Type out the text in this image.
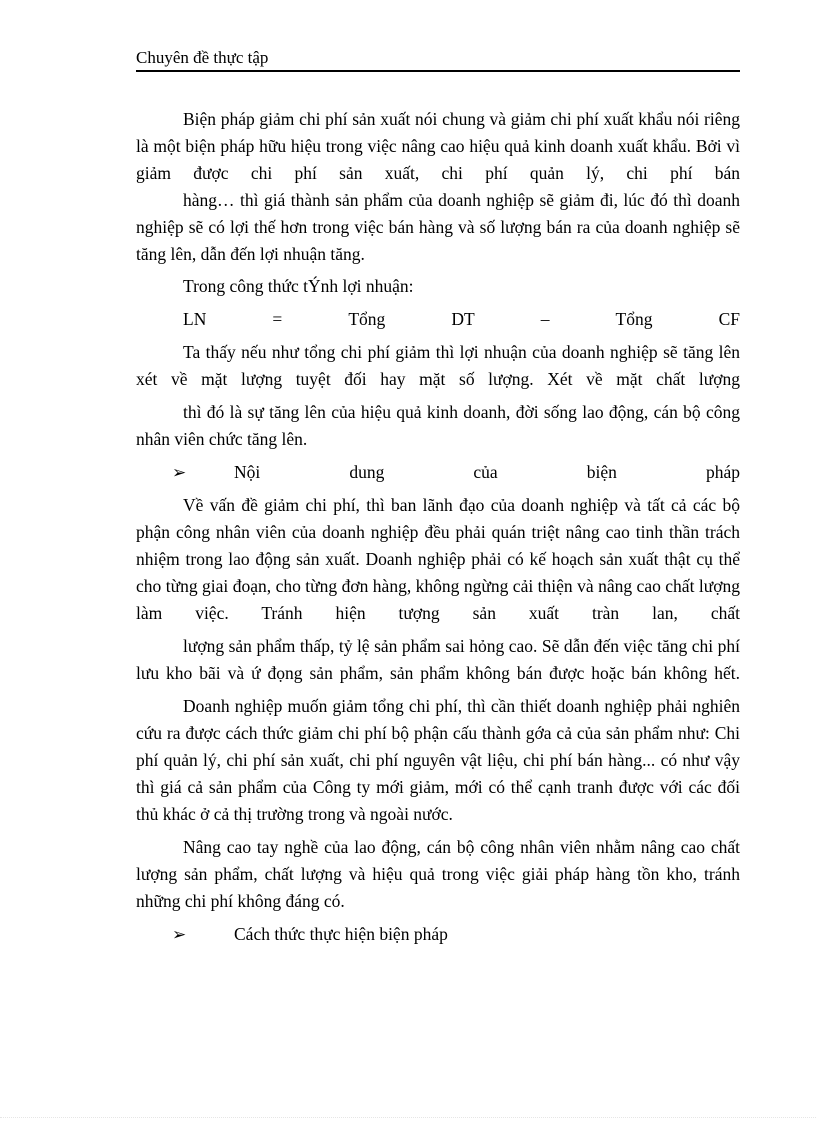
Chuyên đề thực tập

Biện pháp giảm chi phí sản xuất nói chung và giảm chi phí xuất khẩu nói riêng là một biện pháp hữu hiệu trong việc nâng cao hiệu quả kinh doanh xuất khẩu. Bởi vì giảm được chi phí sản xuất, chi phí quản lý, chi phí bán

hàng… thì giá thành sản phẩm của doanh nghiệp sẽ giảm đi, lúc đó thì doanh nghiệp sẽ có lợi thế hơn trong việc bán hàng và số lượng bán ra của doanh nghiệp sẽ tăng lên, dẫn đến lợi nhuận tăng.

Trong công thức tÝnh lợi nhuận:

LN	=	Tổng	DT	–	Tổng	CF

Ta thấy nếu như tổng chi phí giảm thì lợi nhuận của doanh nghiệp sẽ tăng lên xét về mặt lượng tuyệt đối hay mặt số lượng. Xét về mặt chất lượng

thì đó là sự tăng lên của hiệu quả kinh doanh, đời sống lao động, cán bộ công nhân viên chức tăng lên.

➢	Nội	dung	của	biện	pháp

Về vấn đề giảm chi phí, thì ban lãnh đạo của doanh nghiệp và tất cả các bộ phận công nhân viên của doanh nghiệp đều phải quán triệt nâng cao tinh thần trách nhiệm trong lao động sản xuất. Doanh nghiệp phải có kế hoạch sản xuất thật cụ thể cho từng giai đoạn, cho từng đơn hàng, không ngừng cải thiện và nâng cao chất lượng làm việc. Tránh hiện tượng sản xuất tràn lan, chất

lượng sản phẩm thấp, tỷ lệ sản phẩm sai hỏng cao. Sẽ dẫn đến việc tăng chi phí lưu kho bãi và ứ đọng sản phẩm, sản phẩm không bán được hoặc bán không hết.

Doanh nghiệp muốn giảm tổng chi phí, thì cần thiết doanh nghiệp phải nghiên cứu ra được cách thức giảm chi phí bộ phận cấu thành gớa cả của sản phẩm như: Chi phí quản lý, chi phí sản xuất, chi phí nguyên vật liệu, chi phí bán hàng... có như vậy thì giá cả sản phẩm của Công ty mới giảm, mới có thể cạnh tranh được với các đối thủ khác ở cả thị trường trong và ngoài nước.

Nâng cao tay nghề của lao động, cán bộ công nhân viên nhằm nâng cao chất lượng sản phẩm, chất lượng và hiệu quả trong việc giải pháp hàng tồn kho, tránh những chi phí không đáng có.

➢	Cách thức thực hiện biện pháp
